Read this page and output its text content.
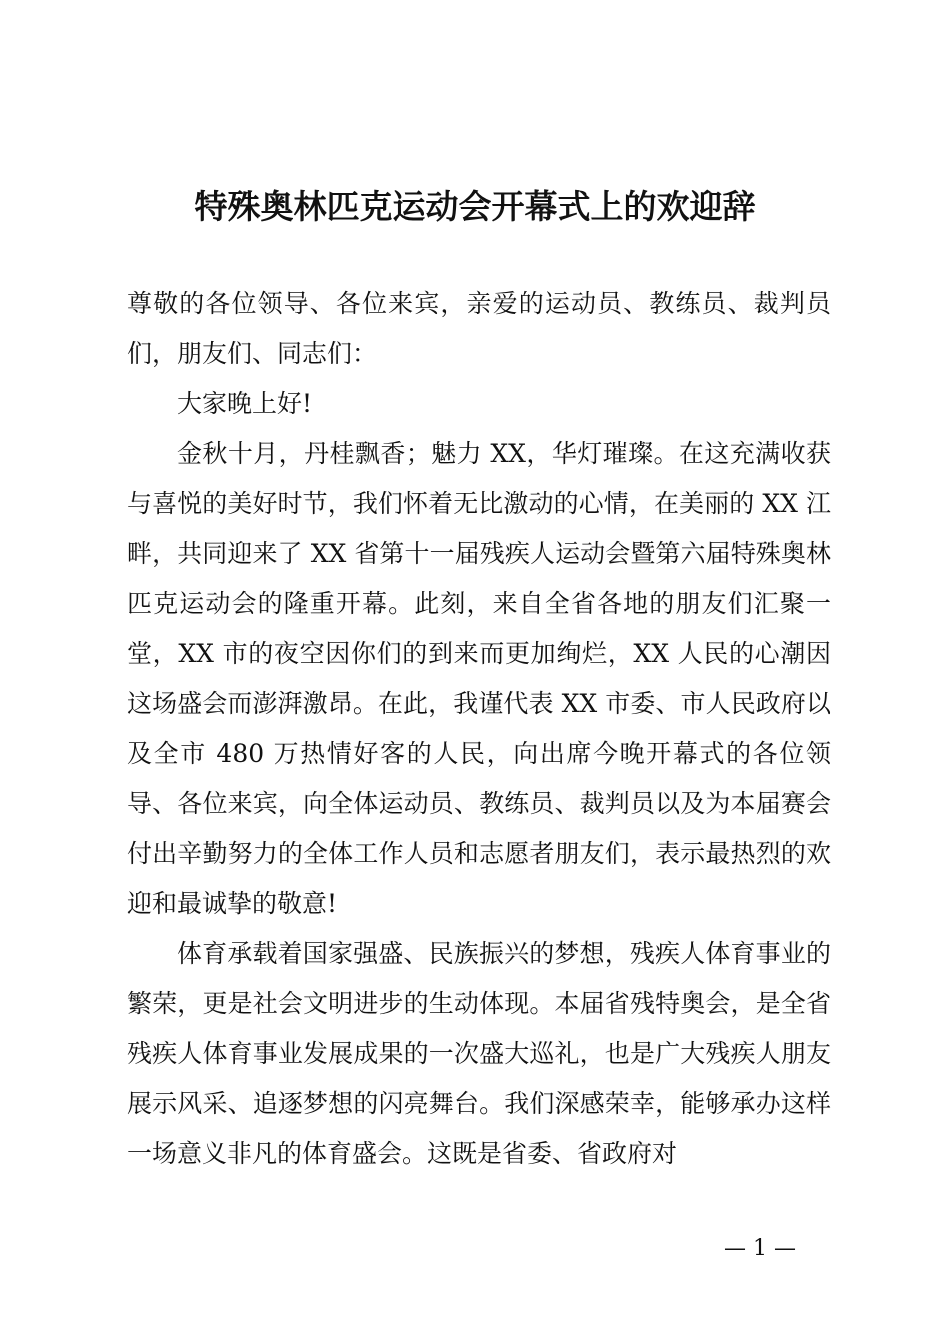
特殊奥林匹克运动会开幕式上的欢迎辞

尊敬的各位领导、各位来宾，亲爱的运动员、教练员、裁判员们，朋友们、同志们：

大家晚上好!

金秋十月，丹桂飘香；魅力 XX，华灯璀璨。在这充满收获与喜悦的美好时节，我们怀着无比激动的心情，在美丽的 XX 江畔，共同迎来了 XX 省第十一届残疾人运动会暨第六届特殊奥林匹克运动会的隆重开幕。此刻，来自全省各地的朋友们汇聚一堂，XX 市的夜空因你们的到来而更加绚烂，XX 人民的心潮因这场盛会而澎湃激昂。在此，我谨代表 XX 市委、市人民政府以及全市 480 万热情好客的人民，向出席今晚开幕式的各位领导、各位来宾，向全体运动员、教练员、裁判员以及为本届赛会付出辛勤努力的全体工作人员和志愿者朋友们，表示最热烈的欢迎和最诚挚的敬意!

体育承载着国家强盛、民族振兴的梦想，残疾人体育事业的繁荣，更是社会文明进步的生动体现。本届省残特奥会，是全省残疾人体育事业发展成果的一次盛大巡礼，也是广大残疾人朋友展示风采、追逐梦想的闪亮舞台。我们深感荣幸，能够承办这样一场意义非凡的体育盛会。这既是省委、省政府对

— 1 —
